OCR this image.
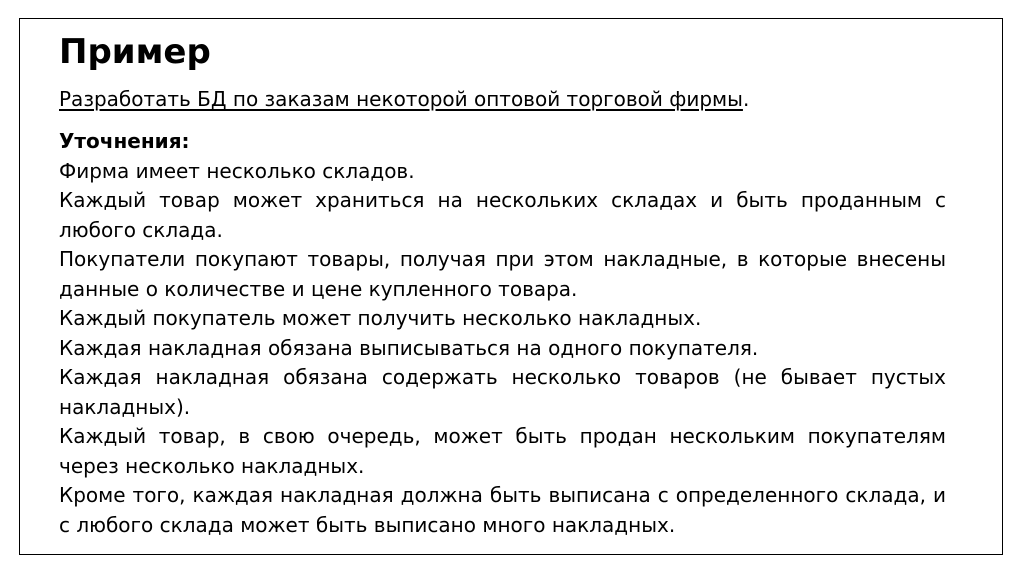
Пример
Разработать БД по заказам некоторой оптовой торговой фирмы.
Уточнения:

Фирма имеет несколько складов.

Каждый товар может храниться на нескольких складах и быть проданным с любого склада.

Покупатели покупают товары, получая при этом накладные, в которые внесены данные о количестве и цене купленного товара.

Каждый покупатель может получить несколько накладных.

Каждая накладная обязана выписываться на одного покупателя.

Каждая накладная обязана содержать несколько товаров (не бывает пустых накладных).

Каждый товар, в свою очередь, может быть продан нескольким покупателям через несколько накладных.

Кроме того, каждая накладная должна быть выписана с определенного склада, и с любого склада может быть выписано много накладных.
